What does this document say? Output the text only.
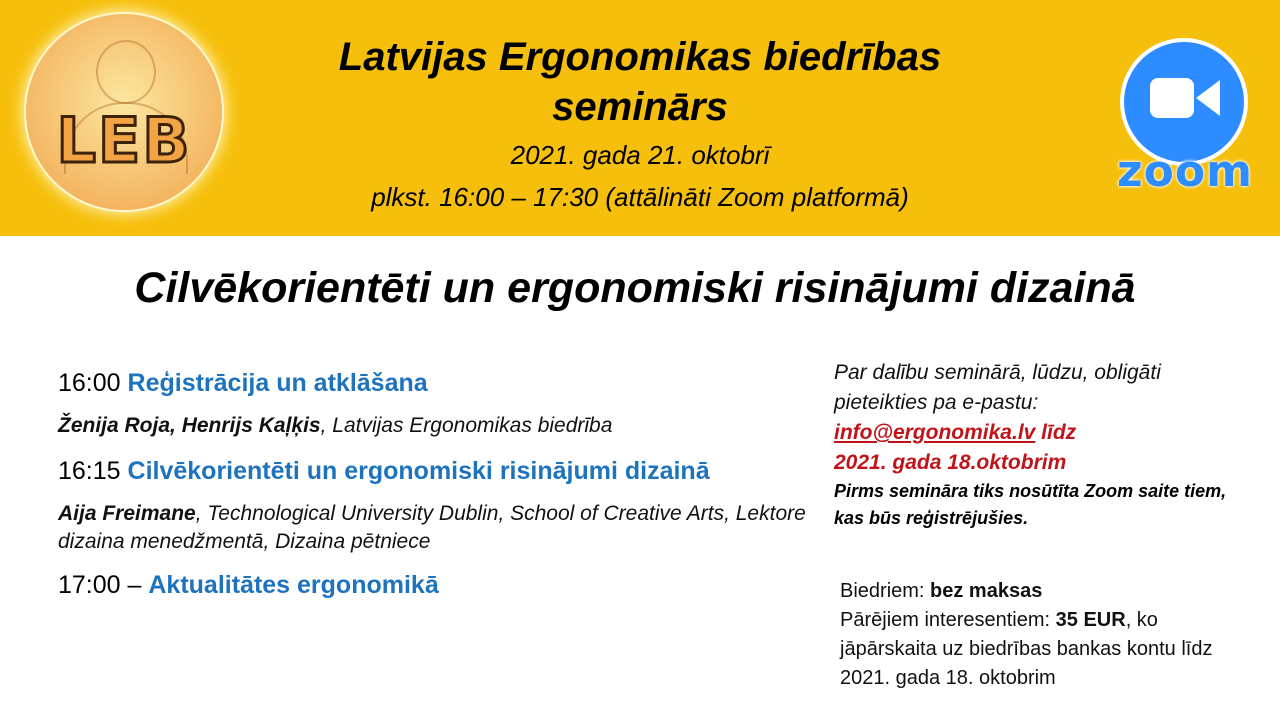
LEB
Latvijas Ergonomikas biedrības
seminārs
2021. gada 21. oktobrī
plkst. 16:00 – 17:30 (attālināti Zoom platformā)	zoom
Cilvēkorientēti un ergonomiski risinājumi dizainā
16:00 Reģistrācija un atklāšana
Ženija Roja, Henrijs Kaļķis, Latvijas Ergonomikas biedrība
16:15 Cilvēkorientēti un ergonomiski risinājumi dizainā
Aija Freimane, Technological University Dublin, School of Creative Arts, Lektore dizaina menedžmentā, Dizaina pētniece
17:00 – Aktualitātes ergonomikā
Par dalību seminārā, lūdzu, obligāti pieteikties pa e-pastu:
info@ergonomika.lv līdz
2021. gada 18.oktobrim
Pirms semināra tiks nosūtīta Zoom saite tiem, kas būs reģistrējušies.
Biedriem: bez maksas
Pārējiem interesentiem: 35 EUR, ko jāpārskaita uz biedrības bankas kontu līdz 2021. gada 18. oktobrim
